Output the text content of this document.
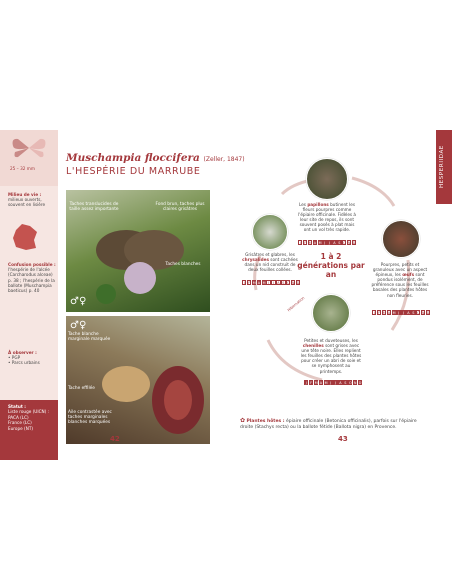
25 – 32 mm
Milieu de vie :
milieux ouverts, souvent en lisière
Confusion possible :
l'hespérie de l'alcée (Carcharodus alceae) p. 38 ; l'hespérie de la ballote (Muschampia baeticus) p. 40
À observer :
• PGP
• Parcs urbains
Statut :
Liste rouge (UICN) :
PACA (LC)
France (LC)
Europe (NT)
Muschampia floccifera (Zeller, 1847)
L'HESPÉRIE DU MARRUBE
Taches translucides de taille assez importante
Fond brun, taches plus claires grisâtres
Taches blanches
♂♀
♂♀
Tache blanche marginale marquée
Tache effilée
Aile contrastée avec taches marginales blanches marquées
42
HESPERIIDAE
Les papillons butinent les fleurs pourpres comme l'épiaire officinale. Fidèles à leur site de repos, ils sont souvent posés à plat mais ont un vol très rapide.
J	F M A M J	J A S O N D
Pourpres, petits et granuleux avec un aspect épineux, les œufs sont pondus isolément, de préférence sous les feuilles basales des plantes hôtes non fleuries.
J	F M A M J	J A S O N D
Petites et duveteuses, les chenilles sont grises avec une tête noire. Elles replient les feuilles des plantes hôtes pour créer un abri de soie et se nymphosent au printemps.
J	F M A M J	J A S O N D
Hibernation
Grisâtres et glabres, les chrysalides sont cachées dans un nid construit de deux feuilles collées.
J	F M A M J	J A S O N D
1 à 2 générations par an
✿ Plantes hôtes : épiaire officinale (Betonica officinalis), parfois sur l'épiaire droite (Stachys recta) ou la ballote fétide (Ballota nigra) en Provence.
43
